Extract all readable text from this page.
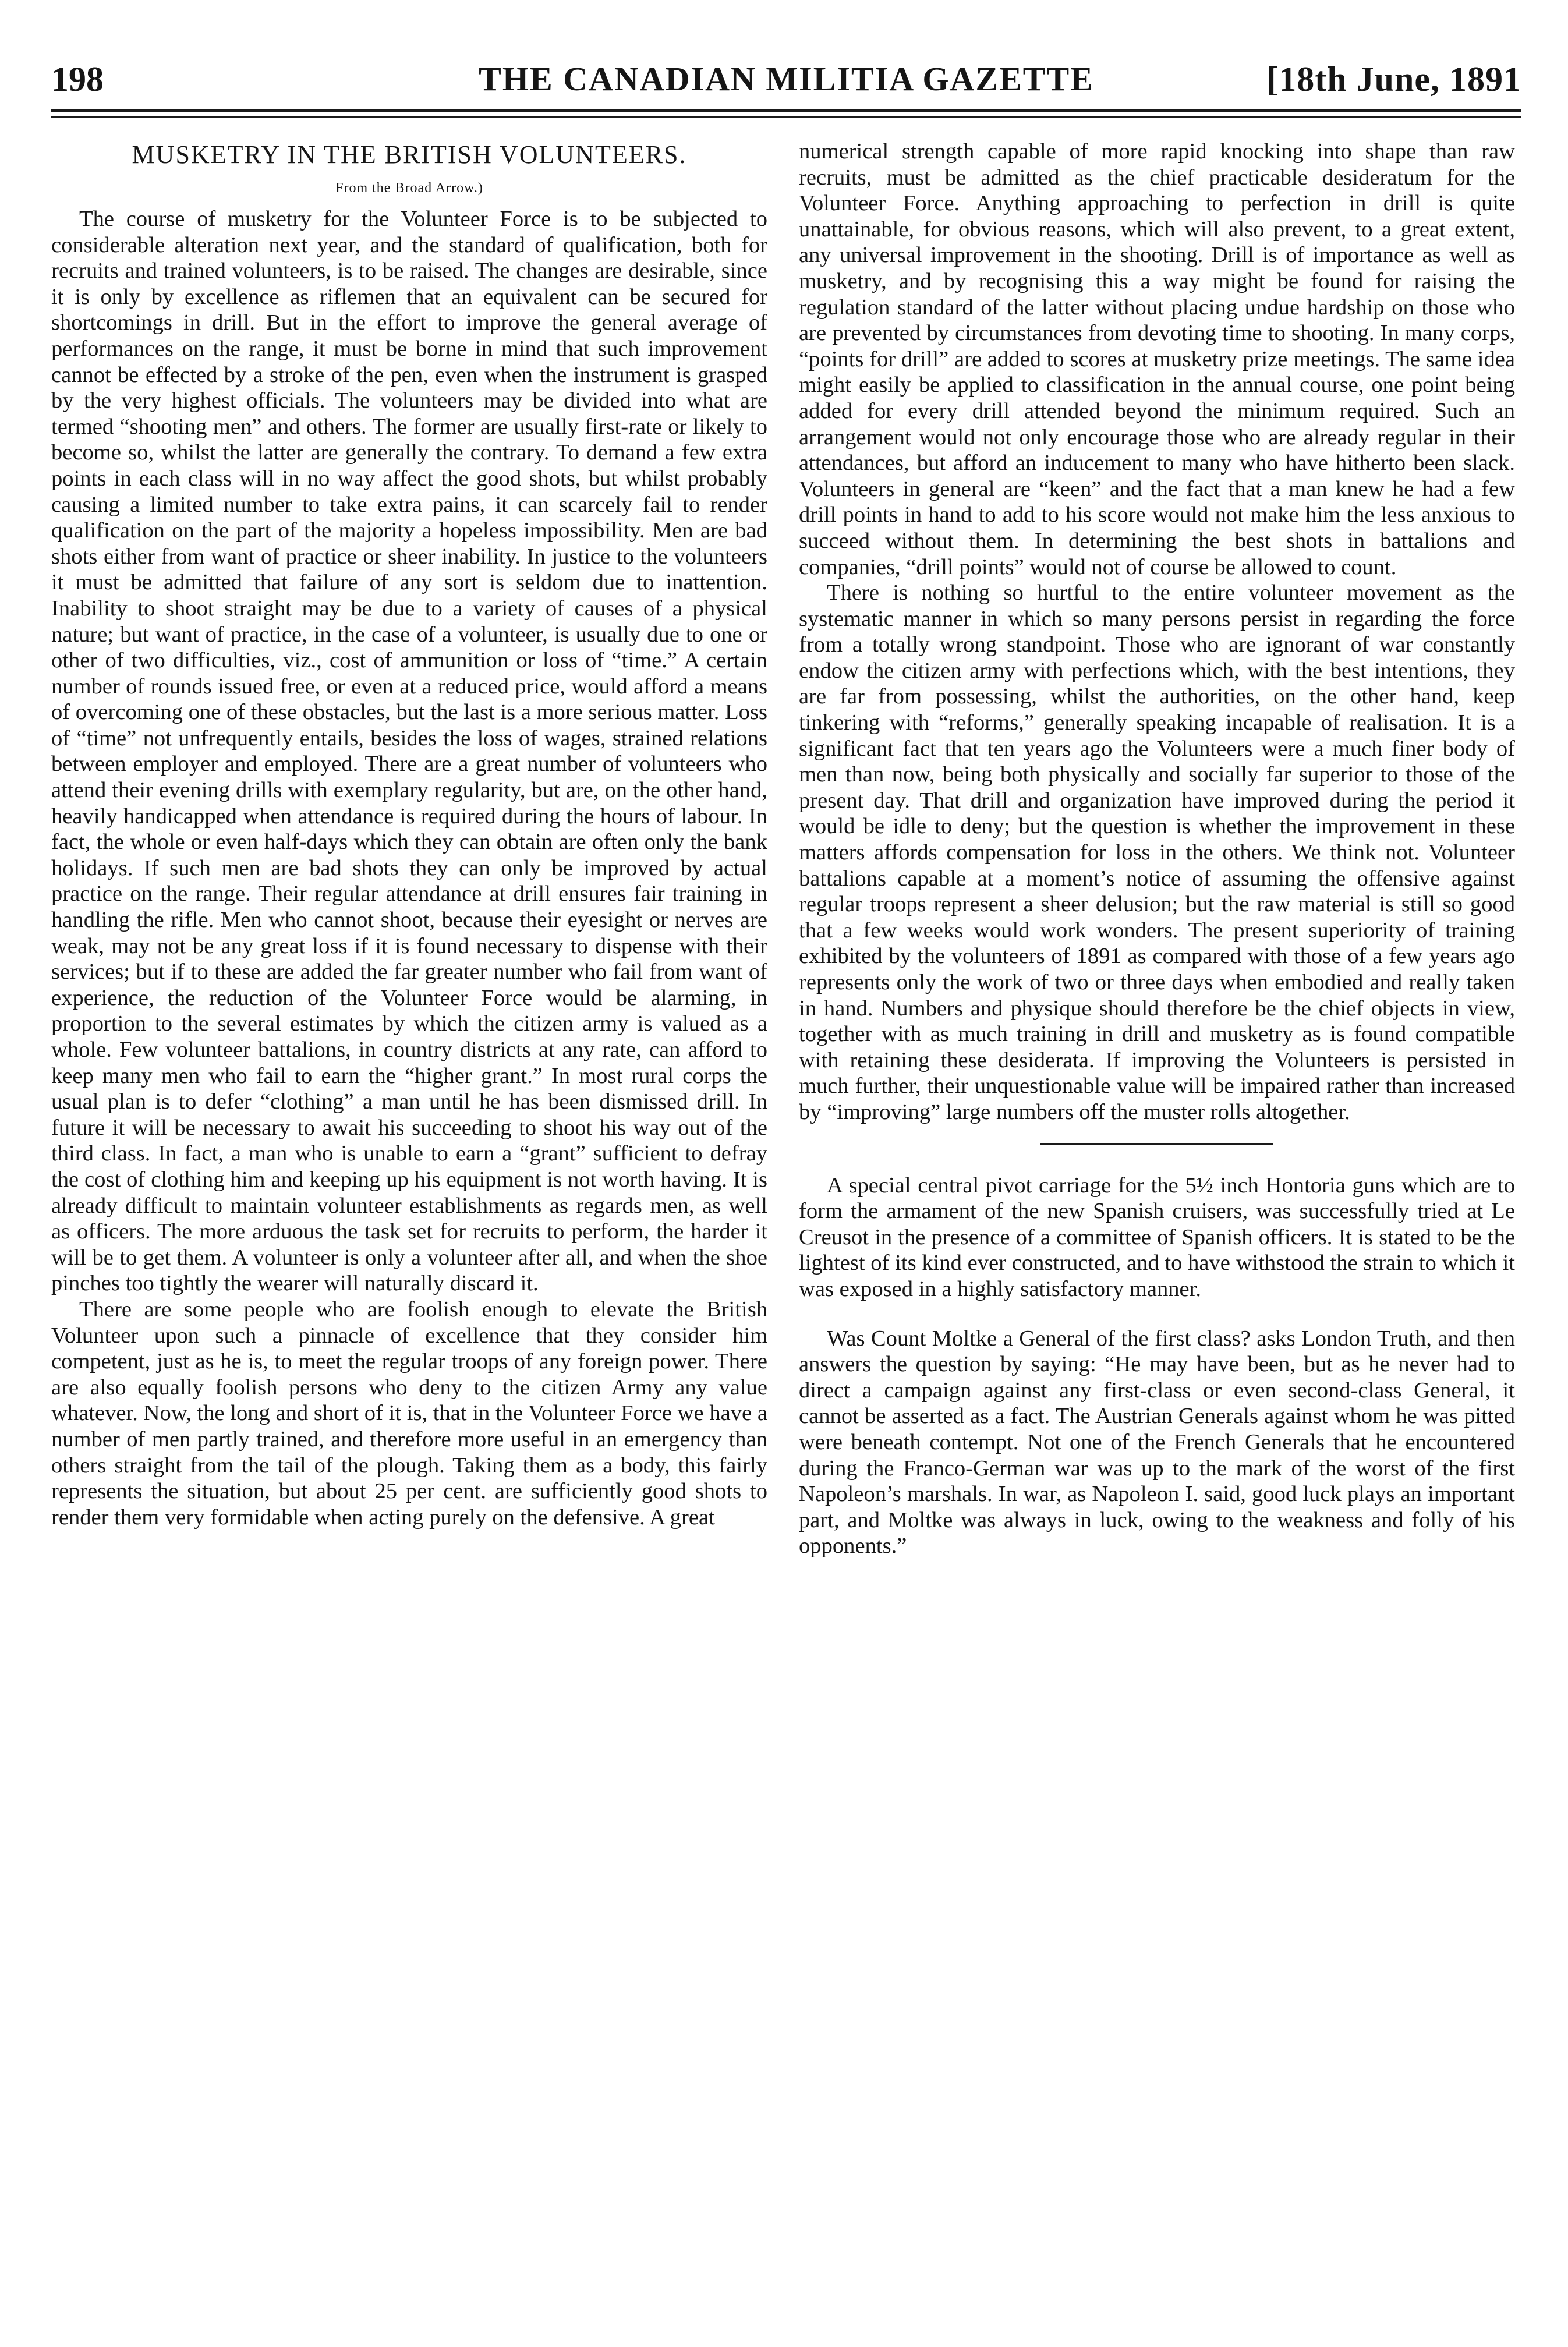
THE CANADIAN MILITIA GAZETTE
198	[18th June, 1891
MUSKETRY IN THE BRITISH VOLUNTEERS.
From the Broad Arrow.)

The course of musketry for the Volunteer Force is to be subjected to considerable alteration next year, and the standard of qualification, both for recruits and trained volunteers, is to be raised. The changes are desirable, since it is only by excellence as riflemen that an equivalent can be secured for shortcomings in drill. But in the effort to improve the general average of performances on the range, it must be borne in mind that such improvement cannot be effected by a stroke of the pen, even when the instrument is grasped by the very highest officials. The volunteers may be divided into what are termed “shooting men” and others. The former are usually first-rate or likely to become so, whilst the latter are generally the contrary. To demand a few extra points in each class will in no way affect the good shots, but whilst probably causing a limited number to take extra pains, it can scarcely fail to render qualification on the part of the majority a hopeless impossibility. Men are bad shots either from want of practice or sheer inability. In justice to the volunteers it must be admitted that failure of any sort is seldom due to inattention. Inability to shoot straight may be due to a variety of causes of a physical nature; but want of practice, in the case of a volunteer, is usually due to one or other of two difficulties, viz., cost of ammunition or loss of “time.” A certain number of rounds issued free, or even at a reduced price, would afford a means of overcoming one of these obstacles, but the last is a more serious matter. Loss of “time” not unfrequently entails, besides the loss of wages, strained relations between employer and employed. There are a great number of volunteers who attend their evening drills with exemplary regularity, but are, on the other hand, heavily handicapped when attendance is required during the hours of labour. In fact, the whole or even half-days which they can obtain are often only the bank holidays. If such men are bad shots they can only be improved by actual practice on the range. Their regular attendance at drill ensures fair training in handling the rifle. Men who cannot shoot, because their eyesight or nerves are weak, may not be any great loss if it is found necessary to dispense with their services; but if to these are added the far greater number who fail from want of experience, the reduction of the Volunteer Force would be alarming, in proportion to the several estimates by which the citizen army is valued as a whole. Few volunteer battalions, in country districts at any rate, can afford to keep many men who fail to earn the “higher grant.” In most rural corps the usual plan is to defer “clothing” a man until he has been dismissed drill. In future it will be necessary to await his succeeding to shoot his way out of the third class. In fact, a man who is unable to earn a “grant” sufficient to defray the cost of clothing him and keeping up his equipment is not worth having. It is already difficult to maintain volunteer establishments as regards men, as well as officers. The more arduous the task set for recruits to perform, the harder it will be to get them. A volunteer is only a volunteer after all, and when the shoe pinches too tightly the wearer will naturally discard it.

There are some people who are foolish enough to elevate the British Volunteer upon such a pinnacle of excellence that they consider him competent, just as he is, to meet the regular troops of any foreign power. There are also equally foolish persons who deny to the citizen Army any value whatever. Now, the long and short of it is, that in the Volunteer Force we have a number of men partly trained, and therefore more useful in an emergency than others straight from the tail of the plough. Taking them as a body, this fairly represents the situation, but about 25 per cent. are sufficiently good shots to render them very formidable when acting purely on the defensive. A great

numerical strength capable of more rapid knocking into shape than raw recruits, must be admitted as the chief practicable desideratum for the Volunteer Force. Anything approaching to perfection in drill is quite unattainable, for obvious reasons, which will also prevent, to a great extent, any universal improvement in the shooting. Drill is of importance as well as musketry, and by recognising this a way might be found for raising the regulation standard of the latter without placing undue hardship on those who are prevented by circumstances from devoting time to shooting. In many corps, “points for drill” are added to scores at musketry prize meetings. The same idea might easily be applied to classification in the annual course, one point being added for every drill attended beyond the minimum required. Such an arrangement would not only encourage those who are already regular in their attendances, but afford an inducement to many who have hitherto been slack. Volunteers in general are “keen” and the fact that a man knew he had a few drill points in hand to add to his score would not make him the less anxious to succeed without them. In determining the best shots in battalions and companies, “drill points” would not of course be allowed to count.

There is nothing so hurtful to the entire volunteer movement as the systematic manner in which so many persons persist in regarding the force from a totally wrong standpoint. Those who are ignorant of war constantly endow the citizen army with perfections which, with the best intentions, they are far from possessing, whilst the authorities, on the other hand, keep tinkering with “reforms,” generally speaking incapable of realisation. It is a significant fact that ten years ago the Volunteers were a much finer body of men than now, being both physically and socially far superior to those of the present day. That drill and organization have improved during the period it would be idle to deny; but the question is whether the improvement in these matters affords compensation for loss in the others. We think not. Volunteer battalions capable at a moment’s notice of assuming the offensive against regular troops represent a sheer delusion; but the raw material is still so good that a few weeks would work wonders. The present superiority of training exhibited by the volunteers of 1891 as compared with those of a few years ago represents only the work of two or three days when embodied and really taken in hand. Numbers and physique should therefore be the chief objects in view, together with as much training in drill and musketry as is found compatible with retaining these desiderata. If improving the Volunteers is persisted in much further, their unquestionable value will be impaired rather than increased by “improving” large numbers off the muster rolls altogether.

A special central pivot carriage for the 5½ inch Hontoria guns which are to form the armament of the new Spanish cruisers, was successfully tried at Le Creusot in the presence of a committee of Spanish officers. It is stated to be the lightest of its kind ever constructed, and to have withstood the strain to which it was exposed in a highly satisfactory manner.

Was Count Moltke a General of the first class? asks London Truth, and then answers the question by saying: “He may have been, but as he never had to direct a campaign against any first-class or even second-class General, it cannot be asserted as a fact. The Austrian Generals against whom he was pitted were beneath contempt. Not one of the French Generals that he encountered during the Franco-German war was up to the mark of the worst of the first Napoleon’s marshals. In war, as Napoleon I. said, good luck plays an important part, and Moltke was always in luck, owing to the weakness and folly of his opponents.”
